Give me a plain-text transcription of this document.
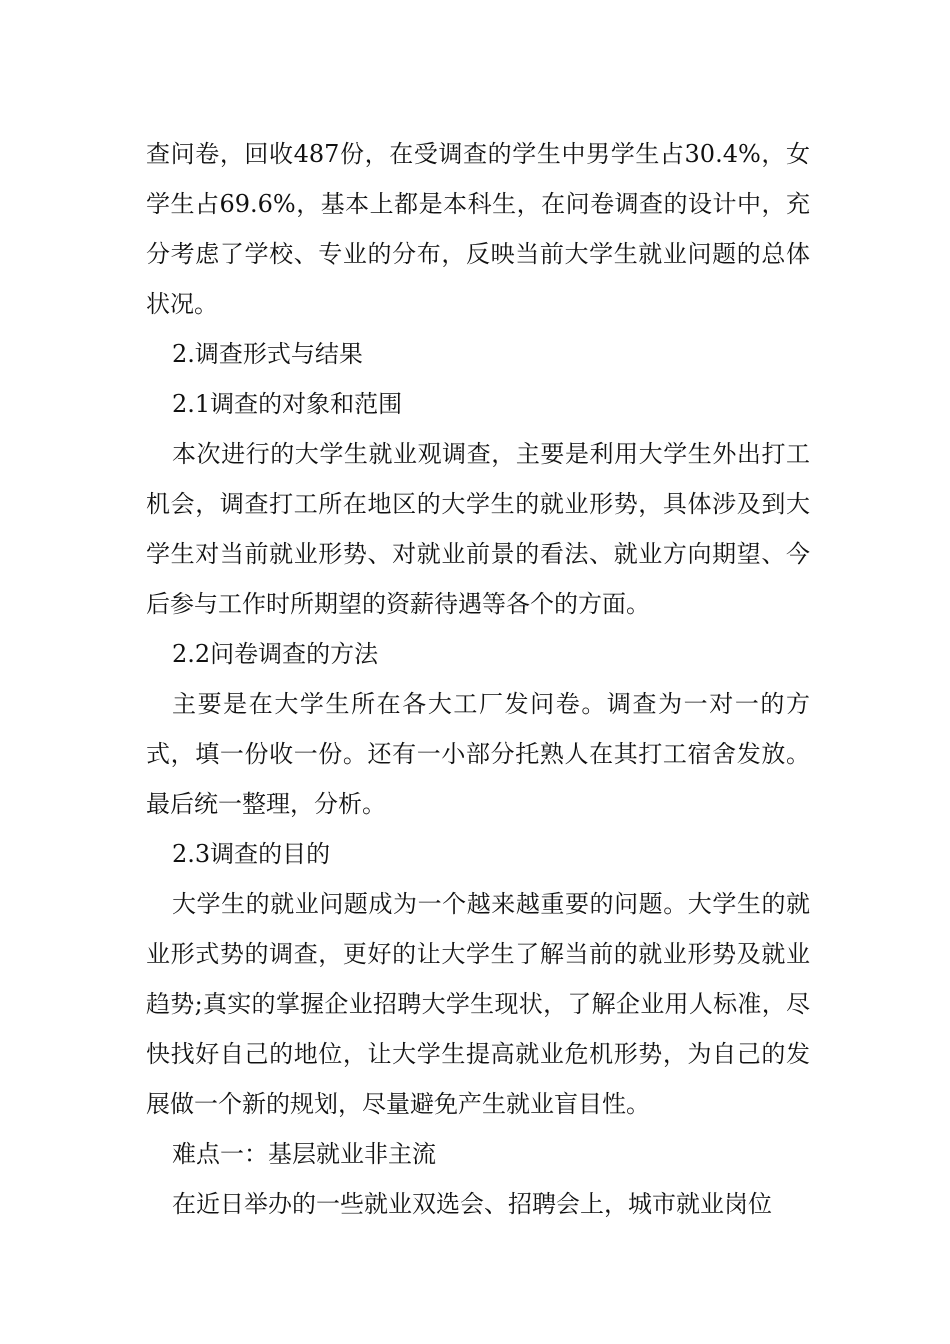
查问卷，回收487份，在受调查的学生中男学生占30.4%，女学生占69.6%，基本上都是本科生，在问卷调查的设计中，充分考虑了学校、专业的分布，反映当前大学生就业问题的总体状况。

2.调查形式与结果

2.1调查的对象和范围

本次进行的大学生就业观调查，主要是利用大学生外出打工机会，调查打工所在地区的大学生的就业形势，具体涉及到大学生对当前就业形势、对就业前景的看法、就业方向期望、今后参与工作时所期望的资薪待遇等各个的方面。

2.2问卷调查的方法

主要是在大学生所在各大工厂发问卷。调查为一对一的方式，填一份收一份。还有一小部分托熟人在其打工宿舍发放。最后统一整理，分析。

2.3调查的目的

大学生的就业问题成为一个越来越重要的问题。大学生的就业形式势的调查，更好的让大学生了解当前的就业形势及就业趋势;真实的掌握企业招聘大学生现状，了解企业用人标准，尽快找好自己的地位，让大学生提高就业危机形势，为自己的发展做一个新的规划，尽量避免产生就业盲目性。

难点一：基层就业非主流

在近日举办的一些就业双选会、招聘会上，城市就业岗位
